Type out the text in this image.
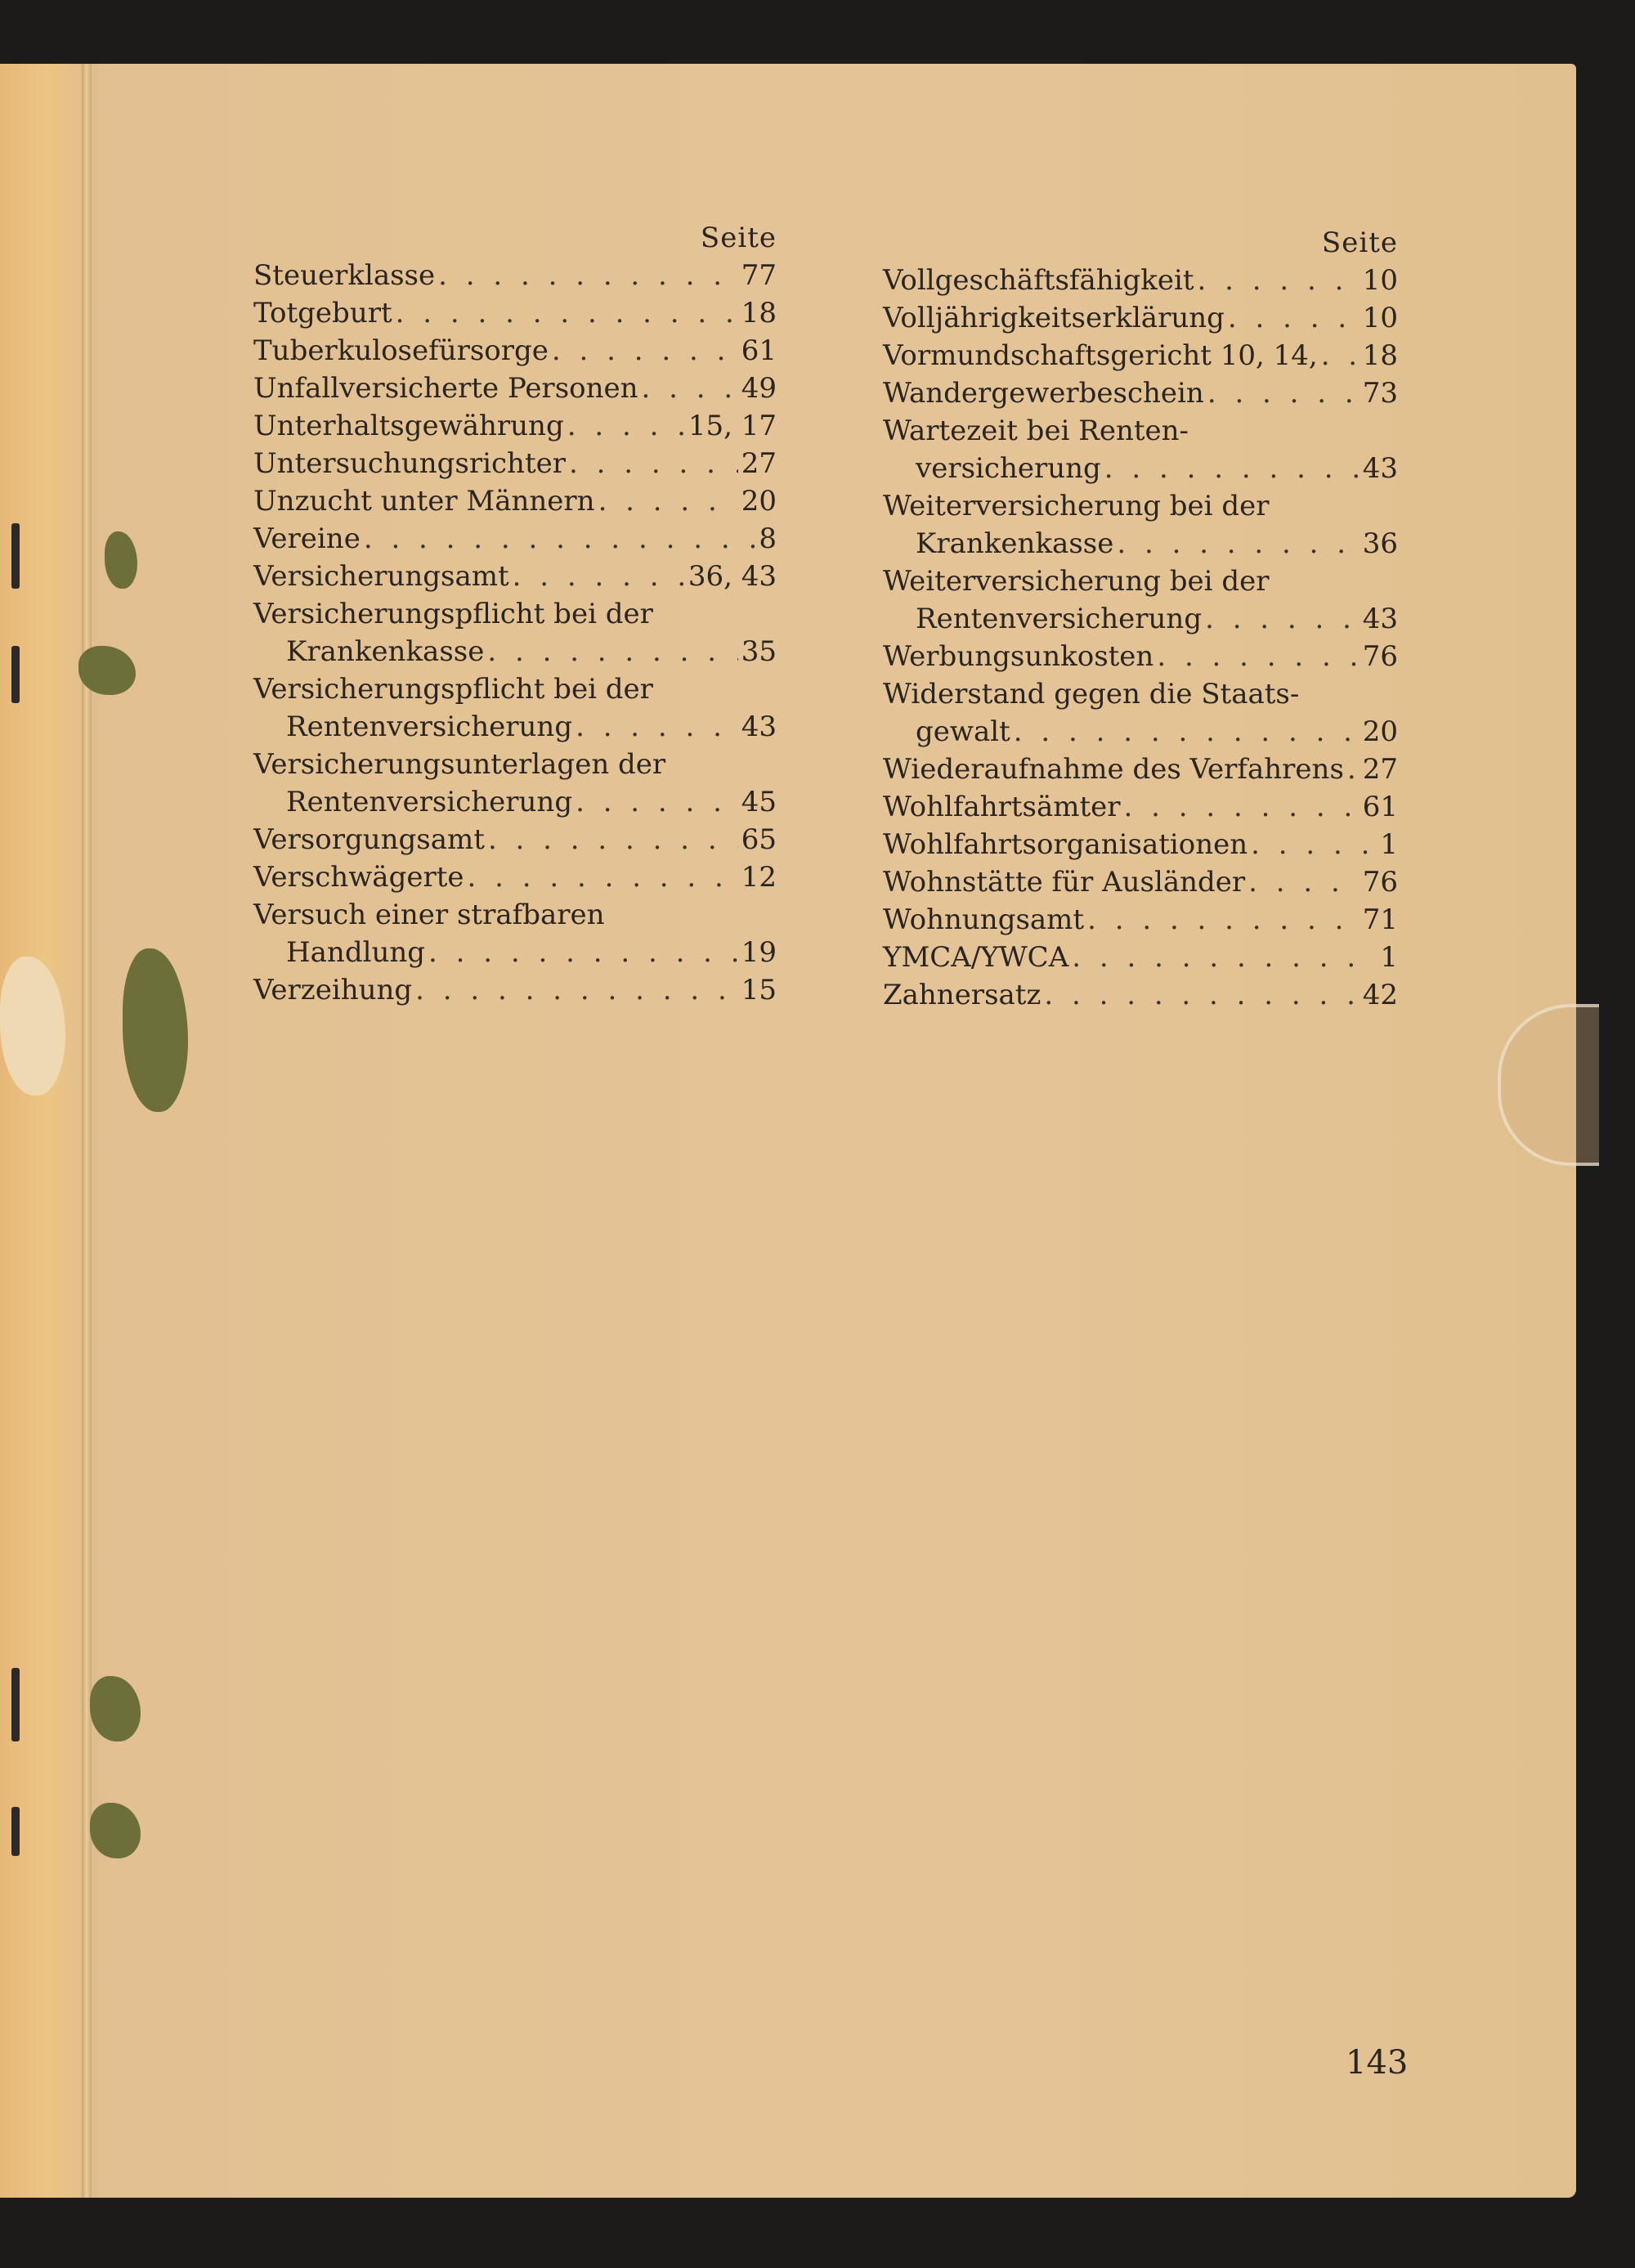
Seite
Steuerklasse . . .	77
Totgeburt . . .	18
Tuberkulosefürsorge . . .	61
Unfallversicherte Personen . . .	49
Unterhaltsgewährung . . .	15, 17
Untersuchungsrichter . . .	27
Unzucht unter Männern . . .	20
Vereine . . .	8
Versicherungsamt . . .	36, 43
Versicherungspflicht bei der
Krankenkasse . . .	35
Versicherungspflicht bei der
Rentenversicherung . . .	43
Versicherungsunterlagen der
Rentenversicherung . . .	45
Versorgungsamt . . .	65
Verschwägerte . . .	12
Versuch einer strafbaren
Handlung . . .	19
Verzeihung . . .	15
Seite
Vollgeschäftsfähigkeit . . .	10
Volljährigkeitserklärung . . .	10
Vormundschaftsgericht 10, 14, . . . 18
Wandergewerbeschein . . .	73
Wartezeit bei Renten-
versicherung . . .	43
Weiterversicherung bei der
Krankenkasse . . .	36
Weiterversicherung bei der
Rentenversicherung . . .	43
Werbungsunkosten . . .	76
Widerstand gegen die Staats-
gewalt . . .	20
Wiederaufnahme des Verfahrens . . . 27
Wohlfahrtsämter . . .	61
Wohlfahrtsorganisationen . . .	1
Wohnstätte für Ausländer . . .	76
Wohnungsamt . . .	71
YMCA/YWCA . . .	1
Zahnersatz . . .	42
143
